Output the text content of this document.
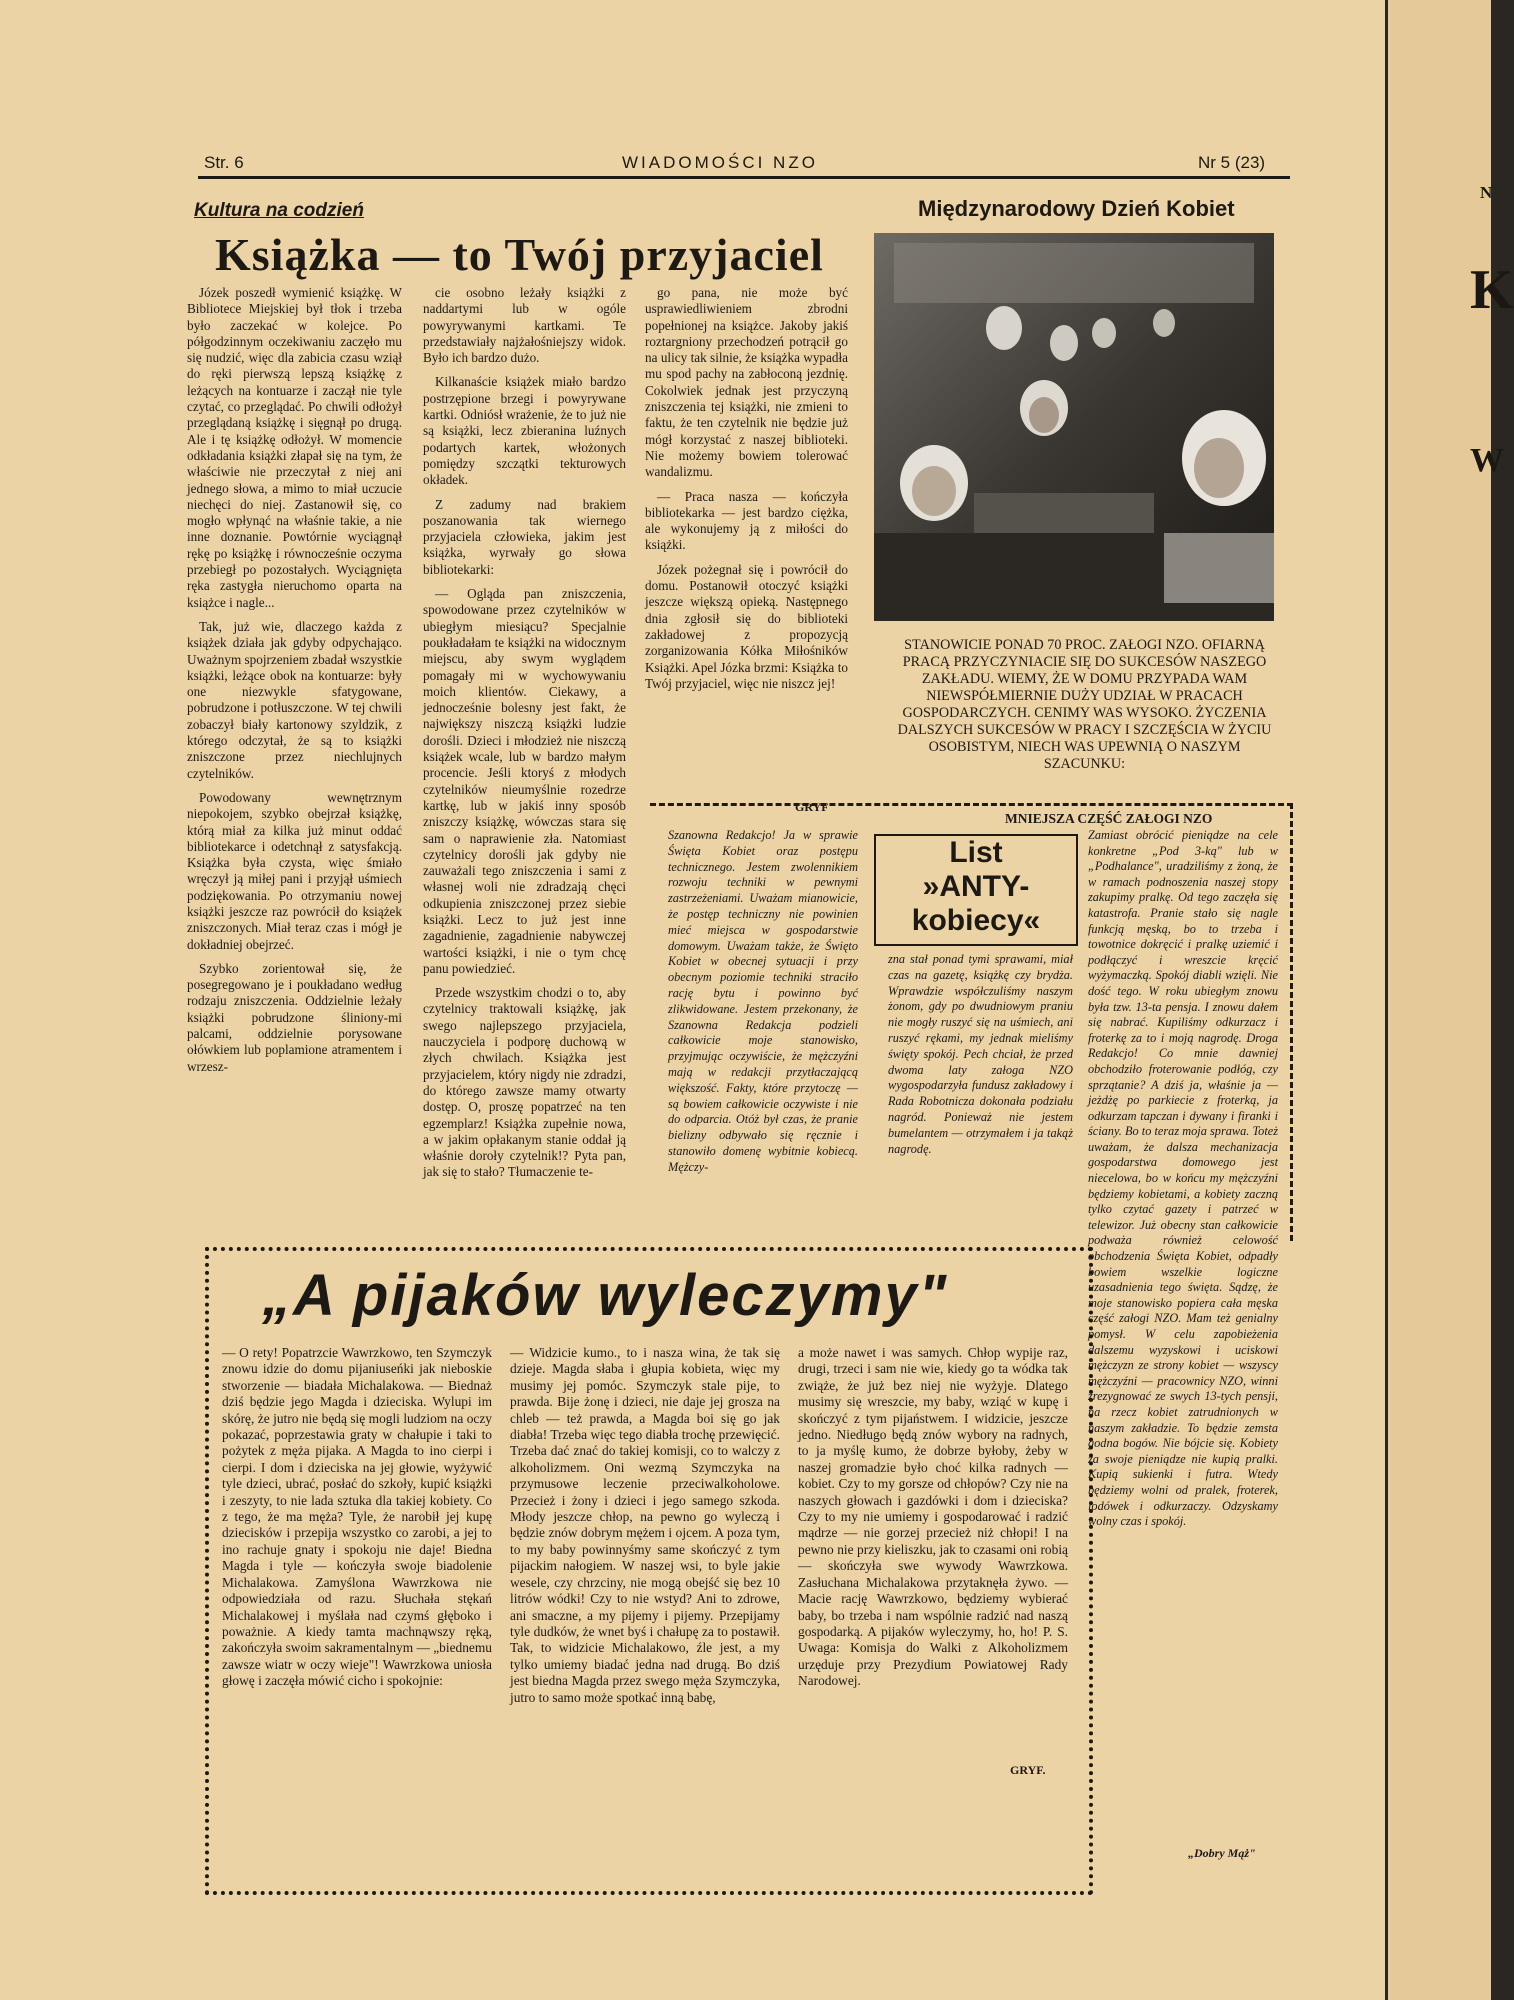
Str. 6	WIADOMOŚCI NZO	Nr 5 (23)
Kultura na codzień
Książka — to Twój przyjaciel

Józek poszedł wymienić książkę. W Bibliotece Miejskiej był tłok i trzeba było zaczekać w kolejce. Po półgodzinnym oczekiwaniu zaczęło mu się nudzić, więc dla zabicia czasu wziął do ręki pierwszą lepszą książkę z leżących na kontuarze i zaczął nie tyle czytać, co przeglądać. Po chwili odłożył przeglądaną książkę i sięgnął po drugą. Ale i tę książkę odłożył. W momencie odkładania książki złapał się na tym, że właściwie nie przeczytał z niej ani jednego słowa, a mimo to miał uczucie niechęci do niej. Zastanowił się, co mogło wpłynąć na właśnie takie, a nie inne doznanie. Powtórnie wyciągnął rękę po książkę i równocześnie oczyma przebiegł po pozostałych. Wyciągnięta ręka zastygła nieruchomo oparta na książce i nagle...

Tak, już wie, dlaczego każda z książek działa jak gdyby odpychająco. Uważnym spojrzeniem zbadał wszystkie książki, leżące obok na kontuarze: były one niezwykle sfatygowane, pobrudzone i potłuszczone. W tej chwili zobaczył biały kartonowy szyldzik, z którego odczytał, że są to książki zniszczone przez niechlujnych czytelników.

Powodowany wewnętrznym niepokojem, szybko obejrzał książkę, którą miał za kilka już minut oddać bibliotekarce i odetchnął z satysfakcją. Książka była czysta, więc śmiało wręczył ją miłej pani i przyjął uśmiech podziękowania. Po otrzymaniu nowej książki jeszcze raz powrócił do książek zniszczonych. Miał teraz czas i mógł je dokładniej obejrzeć.

Szybko zorientował się, że posegregowano je i poukładano według rodzaju zniszczenia. Oddzielnie leżały książki pobrudzone śliniony-mi palcami, oddzielnie porysowane ołówkiem lub poplamione atramentem i wrzesz-

cie osobno leżały książki z naddartymi lub w ogóle powyrywanymi kartkami. Te przedstawiały najżałośniejszy widok. Było ich bardzo dużo.

Kilkanaście książek miało bardzo postrzępione brzegi i powyrywane kartki. Odniósł wrażenie, że to już nie są książki, lecz zbieranina luźnych podartych kartek, włożonych pomiędzy szczątki tekturowych okładek.

Z zadumy nad brakiem poszanowania tak wiernego przyjaciela człowieka, jakim jest książka, wyrwały go słowa bibliotekarki:

— Ogląda pan zniszczenia, spowodowane przez czytelników w ubiegłym miesiącu? Specjalnie poukładałam te książki na widocznym miejscu, aby swym wyglądem pomagały mi w wychowywaniu moich klientów. Ciekawy, a jednocześnie bolesny jest fakt, że największy niszczą książki ludzie dorośli. Dzieci i młodzież nie niszczą książek wcale, lub w bardzo małym procencie. Jeśli ktoryś z młodych czytelników nieumyślnie rozedrze kartkę, lub w jakiś inny sposób zniszczy książkę, wówczas stara się sam o naprawienie zła. Natomiast czytelnicy dorośli jak gdyby nie zauważali tego zniszczenia i sami z własnej woli nie zdradzają chęci odkupienia zniszczonej przez siebie książki. Lecz to już jest inne zagadnienie, zagadnienie nabywczej wartości książki, i nie o tym chcę panu powiedzieć.

Przede wszystkim chodzi o to, aby czytelnicy traktowali książkę, jak swego najlepszego przyjaciela, nauczyciela i podporę duchową w złych chwilach. Książka jest przyjacielem, który nigdy nie zdradzi, do którego zawsze mamy otwarty dostęp. O, proszę popatrzeć na ten egzemplarz! Książka zupełnie nowa, a w jakim opłakanym stanie oddał ją właśnie doroły czytelnik!? Pyta pan, jak się to stało? Tłumaczenie te-

go pana, nie może być usprawiedliwieniem zbrodni popełnionej na książce. Jakoby jakiś roztargniony przechodzeń potrącił go na ulicy tak silnie, że książka wypadła mu spod pachy na zabłoconą jezdnię. Cokolwiek jednak jest przyczyną zniszczenia tej książki, nie zmieni to faktu, że ten czytelnik nie będzie już mógł korzystać z naszej biblioteki. Nie możemy bowiem tolerować wandalizmu.

— Praca nasza — kończyła bibliotekarka — jest bardzo ciężka, ale wykonujemy ją z miłości do książki.

Józek pożegnał się i powrócił do domu. Postanowił otoczyć książki jeszcze większą opieką. Następnego dnia zgłosił się do biblioteki zakładowej z propozycją zorganizowania Kółka Miłośników Książki. Apel Józka brzmi: Książka to Twój przyjaciel, więc nie niszcz jej!

GRYF
Międzynarodowy Dzień Kobiet
STANOWICIE PONAD 70 PROC. ZAŁOGI NZO. OFIARNĄ PRACĄ PRZYCZYNIACIE SIĘ DO SUKCESÓW NASZEGO ZAKŁADU. WIEMY, ŻE W DOMU PRZYPADA WAM NIEWSPÓŁMIERNIE DUŻY UDZIAŁ W PRACACH GOSPODARCZYCH. CENIMY WAS WYSOKO. ŻYCZENIA DALSZYCH SUKCESÓW W PRACY I SZCZĘŚCIA W ŻYCIU OSOBISTYM, NIECH WAS UPEWNIĄ O NASZYM SZACUNKU:
MNIEJSZA CZĘŚĆ ZAŁOGI NZO
List
»ANTY-
kobiecy«
Szanowna Redakcjo! Ja w sprawie Święta Kobiet oraz postępu technicznego. Jestem zwolennikiem rozwoju techniki w pewnymi zastrzeżeniami. Uważam mianowicie, że postęp techniczny nie powinien mieć miejsca w gospodarstwie domowym. Uważam także, że Święto Kobiet w obecnej sytuacji i przy obecnym poziomie techniki straciło rację bytu i powinno być zlikwidowane. Jestem przekonany, że Szanowna Redakcja podzieli całkowicie moje stanowisko, przyjmując oczywiście, że mężczyźni mają w redakcji przytłaczającą większość. Fakty, które przytoczę — są bowiem całkowicie oczywiste i nie do odparcia. Otóż był czas, że pranie bielizny odbywało się ręcznie i stanowiło domenę wybitnie kobiecą. Mężczy-
zna stał ponad tymi sprawami, miał czas na gazetę, książkę czy brydża. Wprawdzie współczuliśmy naszym żonom, gdy po dwudniowym praniu nie mogły ruszyć się na uśmiech, ani ruszyć rękami, my jednak mieliśmy święty spokój. Pech chciał, że przed dwoma laty załoga NZO wygospodarzyła fundusz zakładowy i Rada Robotnicza dokonała podziału nagród. Ponieważ nie jestem bumelantem — otrzymałem i ja takąż nagrodę.
Zamiast obrócić pieniądze na cele konkretne „Pod 3-ką" lub w „Podhalance", uradziliśmy z żoną, że w ramach podnoszenia naszej stopy zakupimy pralkę. Od tego zaczęła się katastrofa. Pranie stało się nagle funkcją męską, bo to trzeba i towotnice dokręcić i pralkę uziemić i podłączyć i wreszcie kręcić wyżymaczką. Spokój diabli wzięli. Nie dość tego. W roku ubiegłym znowu była tzw. 13-ta pensja. I znowu dałem się nabrać. Kupiliśmy odkurzacz i froterkę za to i moją nagrodę. Droga Redakcjo! Co mnie dawniej obchodziło froterowanie podłóg, czy sprzątanie? A dziś ja, właśnie ja — jeżdżę po parkiecie z froterką, ja odkurzam tapczan i dywany i firanki i ściany. Bo to teraz moja sprawa. Toteż uważam, że dalsza mechanizacja gospodarstwa domowego jest niecelowa, bo w końcu my mężczyźni będziemy kobietami, a kobiety zaczną tylko czytać gazety i patrzeć w telewizor. Już obecny stan całkowicie podważa również celowość obchodzenia Święta Kobiet, odpadły bowiem wszelkie logiczne uzasadnienia tego święta. Sądzę, że moje stanowisko popiera cała męska część załogi NZO. Mam też genialny pomysł. W celu zapobieżenia dalszemu wyzyskowi i uciskowi mężczyzn ze strony kobiet — wszyscy mężczyźni — pracownicy NZO, winni zrezygnować ze swych 13-tych pensji, na rzecz kobiet zatrudnionych w naszym zakładzie. To będzie zemsta godna bogów. Nie bójcie się. Kobiety za swoje pieniądze nie kupią pralki. Kupią sukienki i futra. Wtedy będziemy wolni od pralek, froterek, lodówek i odkurzaczy. Odzyskamy wolny czas i spokój.
„Dobry Mąż"
„A pijaków wyleczymy"
— O rety! Popatrzcie Wawrzkowo, ten Szymczyk znowu idzie do domu pijaniuseńki jak nieboskie stworzenie — biadała Michalakowa. — Biednaż dziś będzie jego Magda i dzieciska. Wylupi im skórę, że jutro nie będą się mogli ludziom na oczy pokazać, poprzestawia graty w chałupie i taki to pożytek z męża pijaka. A Magda to ino cierpi i cierpi. I dom i dzieciska na jej głowie, wyżywić tyle dzieci, ubrać, posłać do szkoły, kupić książki i zeszyty, to nie lada sztuka dla takiej kobiety. Co z tego, że ma męża? Tyle, że narobił jej kupę dziecisków i przepija wszystko co zarobi, a jej to ino rachuje gnaty i spokoju nie daje! Biedna Magda i tyle — kończyła swoje biadolenie Michalakowa. Zamyślona Wawrzkowa nie odpowiedziała od razu. Słuchała stękań Michalakowej i myślała nad czymś głęboko i poważnie. A kiedy tamta machnąwszy ręką, zakończyła swoim sakramentalnym — „biednemu zawsze wiatr w oczy wieje"! Wawrzkowa uniosła głowę i zaczęła mówić cicho i spokojnie:
— Widzicie kumo., to i nasza wina, że tak się dzieje. Magda słaba i głupia kobieta, więc my musimy jej pomóc. Szymczyk stale pije, to prawda. Bije żonę i dzieci, nie daje jej grosza na chleb — też prawda, a Magda boi się go jak diabła! Trzeba więc tego diabła trochę przewięcić. Trzeba dać znać do takiej komisji, co to walczy z alkoholizmem. Oni wezmą Szymczyka na przymusowe leczenie przeciwalkoholowe. Przecież i żony i dzieci i jego samego szkoda. Młody jeszcze chłop, na pewno go wyleczą i będzie znów dobrym mężem i ojcem. A poza tym, to my baby powinnyśmy same skończyć z tym pijackim nałogiem. W naszej wsi, to byle jakie wesele, czy chrzciny, nie mogą obejść się bez 10 litrów wódki! Czy to nie wstyd? Ani to zdrowe, ani smaczne, a my pijemy i pijemy. Przepijamy tyle dudków, że wnet byś i chałupę za to postawił. Tak, to widzicie Michalakowo, źle jest, a my tylko umiemy biadać jedna nad drugą. Bo dziś jest biedna Magda przez swego męża Szymczyka, jutro to samo może spotkać inną babę,
a może nawet i was samych. Chłop wypije raz, drugi, trzeci i sam nie wie, kiedy go ta wódka tak zwiąże, że już bez niej nie wyżyje. Dlatego musimy się wreszcie, my baby, wziąć w kupę i skończyć z tym pijaństwem. I widzicie, jeszcze jedno. Niedługo będą znów wybory na radnych, to ja myślę kumo, że dobrze byłoby, żeby w naszej gromadzie było choć kilka radnych — kobiet. Czy to my gorsze od chłopów? Czy nie na naszych głowach i gazdówki i dom i dzieciska? Czy to my nie umiemy i gospodarować i radzić mądrze — nie gorzej przecież niż chłopi! I na pewno nie przy kieliszku, jak to czasami oni robią — skończyła swe wywody Wawrzkowa. Zasłuchana Michalakowa przytaknęła żywo. — Macie rację Wawrzkowo, będziemy wybierać baby, bo trzeba i nam wspólnie radzić nad naszą gospodarką. A pijaków wyleczymy, ho, ho! P. S. Uwaga: Komisja do Walki z Alkoholizmem urzęduje przy Prezydium Powiatowej Rady Narodowej.
GRYF.
N
K
W
